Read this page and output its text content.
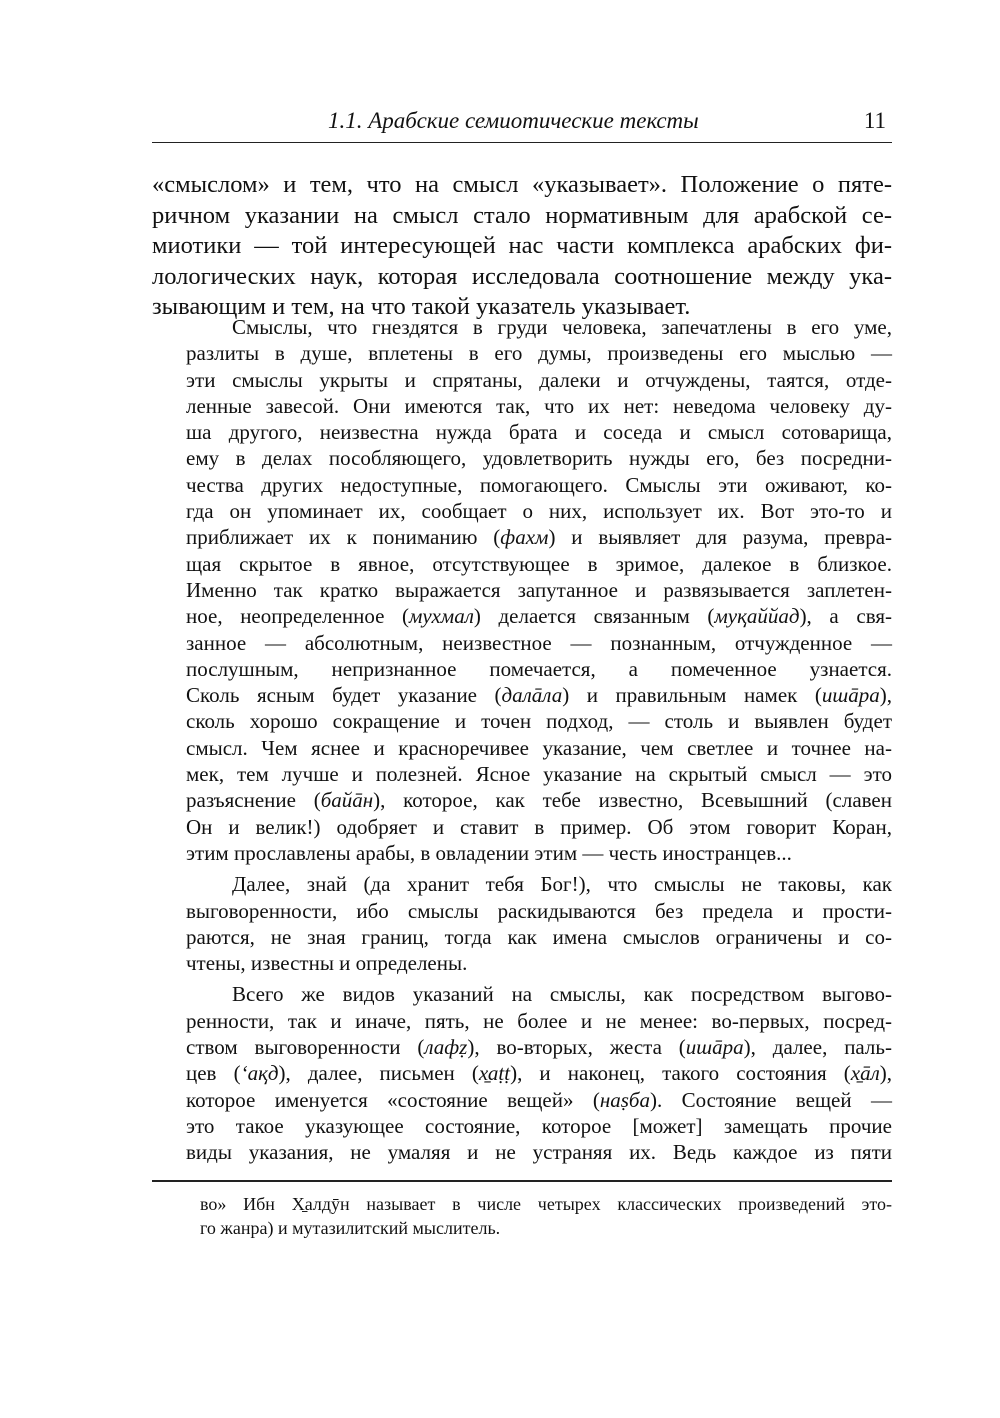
1.1. Арабские семиотические тексты	11
«смыслом» и тем, что на смысл «указывает». Положение о пяте-
ричном указании на смысл стало нормативным для арабской се-
миотики — той интересующей нас части комплекса арабских фи-
лологических наук, которая исследовала соотношение между ука-
зывающим и тем, на что такой указатель указывает.

Смыслы, что гнездятся в груди человека, запечатлены в его уме,
разлиты в душе, вплетены в его думы, произведены его мыслью —
эти смыслы укрыты и спрятаны, далеки и отчуждены, таятся, отде-
ленные завесой. Они имеются так, что их нет: неведома человеку ду-
ша другого, неизвестна нужда брата и соседа и смысл сотоварища,
ему в делах пособляющего, удовлетворить нужды его, без посредни-
чества других недоступные, помогающего. Смыслы эти оживают, ко-
гда он упоминает их, сообщает о них, использует их. Вот это-то и
приближает их к пониманию (фахм) и выявляет для разума, превра-
щая скрытое в явное, отсутствующее в зримое, далекое в близкое.
Именно так кратко выражается запутанное и развязывается заплетен-
ное, неопределенное (мухмал) делается связанным (муқаййад), а свя-
занное — абсолютным, неизвестное — познанным, отчужденное —
послушным, непризнанное помечается, а помеченное узнается.
Сколь ясным будет указание (далāла) и правильным намек (ишāра),
сколь хорошо сокращение и точен подход, — столь и выявлен будет
смысл. Чем яснее и красноречивее указание, чем светлее и точнее на-
мек, тем лучше и полезней. Ясное указание на скрытый смысл — это
разъяснение (байāн), которое, как тебе известно, Всевышний (славен
Он и велик!) одобряет и ставит в пример. Об этом говорит Коран,
этим прославлены арабы, в овладении этим — честь иностранцев...

Далее, знай (да хранит тебя Бог!), что смыслы не таковы, как
выговоренности, ибо смыслы раскидываются без предела и прости-
раются, не зная границ, тогда как имена смыслов ограничены и со-
чтены, известны и определены.

Всего же видов указаний на смыслы, как посредством выгово-
ренности, так и иначе, пять, не более и не менее: во-первых, посред-
ством выговоренности (лафẓ), во-вторых, жеста (ишāра), далее, паль-
цев (ʻақд), далее, письмен (х̱аṭṭ), и наконец, такого состояния (х̱āл),
которое именуется «состояние вещей» (наṣба). Состояние вещей —
это такое указующее состояние, которое [может] замещать прочие
виды указания, не умаляя и не устраняя их. Ведь каждое из пяти

во» Ибн Х̱алдӯн называет в числе четырех классических произведений это-
го жанра) и мутазилитский мыслитель.
